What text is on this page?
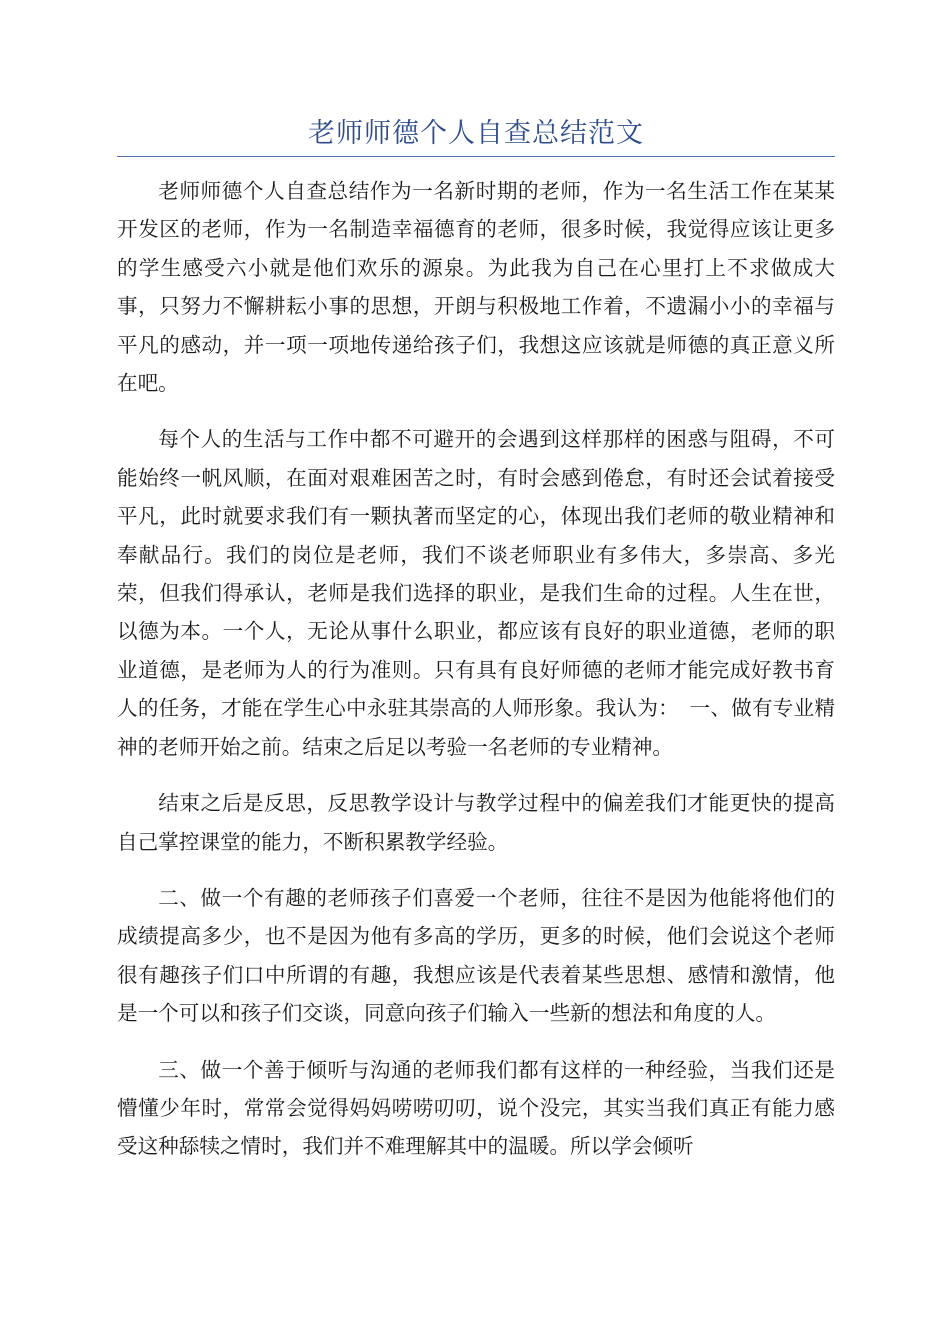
老师师德个人自查总结范文

老师师德个人自查总结作为一名新时期的老师，作为一名生活工作在某某开发区的老师，作为一名制造幸福德育的老师，很多时候，我觉得应该让更多的学生感受六小就是他们欢乐的源泉。为此我为自己在心里打上不求做成大事，只努力不懈耕耘小事的思想，开朗与积极地工作着，不遗漏小小的幸福与平凡的感动，并一项一项地传递给孩子们，我想这应该就是师德的真正意义所在吧。

每个人的生活与工作中都不可避开的会遇到这样那样的困惑与阻碍，不可能始终一帆风顺，在面对艰难困苦之时，有时会感到倦怠，有时还会试着接受平凡，此时就要求我们有一颗执著而坚定的心，体现出我们老师的敬业精神和奉献品行。我们的岗位是老师，我们不谈老师职业有多伟大，多崇高、多光荣，但我们得承认，老师是我们选择的职业，是我们生命的过程。人生在世，以德为本。一个人，无论从事什么职业，都应该有良好的职业道德，老师的职业道德，是老师为人的行为准则。只有具有良好师德的老师才能完成好教书育人的任务，才能在学生心中永驻其崇高的人师形象。我认为：　一、做有专业精神的老师开始之前。结束之后足以考验一名老师的专业精神。

结束之后是反思，反思教学设计与教学过程中的偏差我们才能更快的提高自己掌控课堂的能力，不断积累教学经验。

二、做一个有趣的老师孩子们喜爱一个老师，往往不是因为他能将他们的成绩提高多少，也不是因为他有多高的学历，更多的时候，他们会说这个老师很有趣孩子们口中所谓的有趣，我想应该是代表着某些思想、感情和激情，他是一个可以和孩子们交谈，同意向孩子们输入一些新的想法和角度的人。

三、做一个善于倾听与沟通的老师我们都有这样的一种经验，当我们还是懵懂少年时，常常会觉得妈妈唠唠叨叨，说个没完，其实当我们真正有能力感受这种舔犊之情时，我们并不难理解其中的温暖。所以学会倾听
